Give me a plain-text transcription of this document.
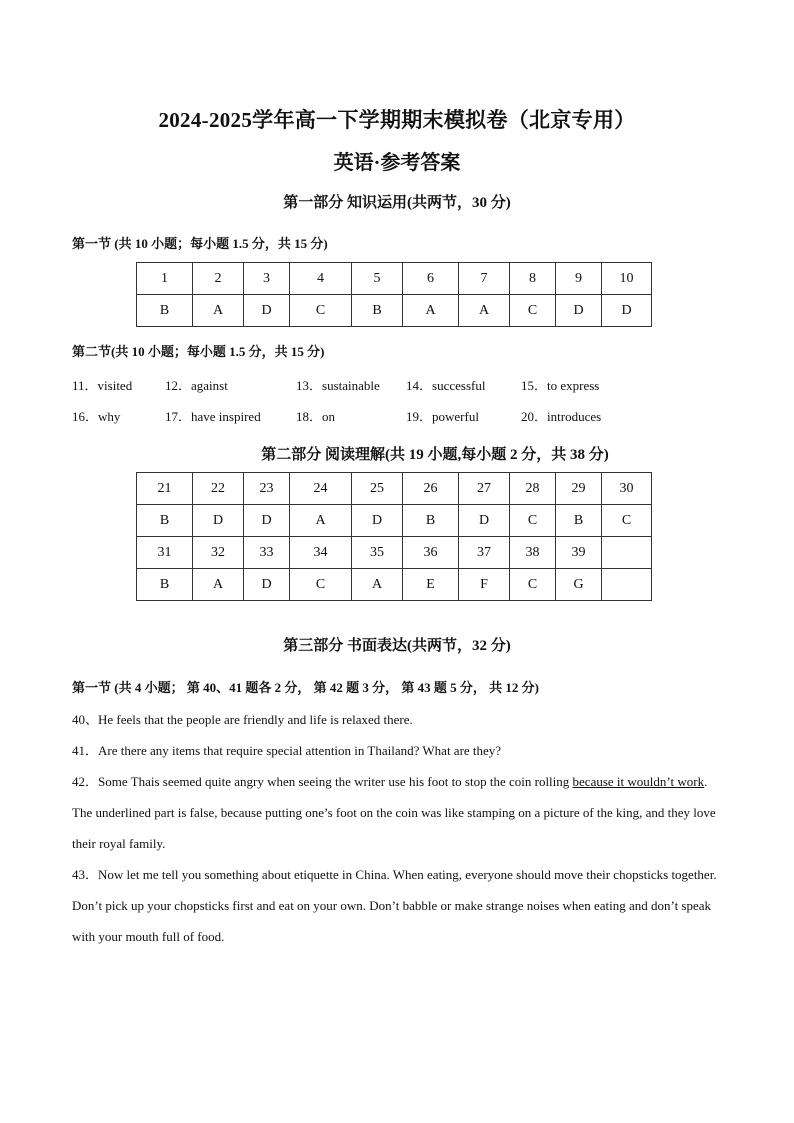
2024-2025学年高一下学期期末模拟卷（北京专用）
英语·参考答案
第一部分 知识运用(共两节，30 分)
第一节 (共 10 小题；每小题 1.5 分，共 15 分)
1	2	3	4	5	6	7	8	9	10
B	A	D	C	B	A	A	C	D	D
第二节(共 10 小题；每小题 1.5 分，共 15 分)
11．visited	12．against	13．sustainable 14．successful	15．to express
16．why	17．have inspired	18．on	19．powerful	20．introduces
第二部分 阅读理解(共 19 小题,每小题 2 分，共 38 分)
21	22	23	24	25	26	27	28	29	30
B	D	D	A	D	B	D	C	B	C
31	32	33	34	35	36	37	38	39	
B	A	D	C	A	E	F	C	G	
第三部分 书面表达(共两节，32 分)
第一节 (共 4 小题； 第 40、41 题各 2 分， 第 42 题 3 分， 第 43 题 5 分， 共 12 分)

40、He feels that the people are friendly and life is relaxed there.

41．Are there any items that require special attention in Thailand? What are they?

42．Some Thais seemed quite angry when seeing the writer use his foot to stop the coin rolling because it wouldn’t work.

The underlined part is false, because putting one’s foot on the coin was like stamping on a picture of the king, and they love their royal family.

43．Now let me tell you something about etiquette in China. When eating, everyone should move their chopsticks together. Don’t pick up your chopsticks first and eat on your own. Don’t babble or make strange noises when eating and don’t speak with your mouth full of food.
